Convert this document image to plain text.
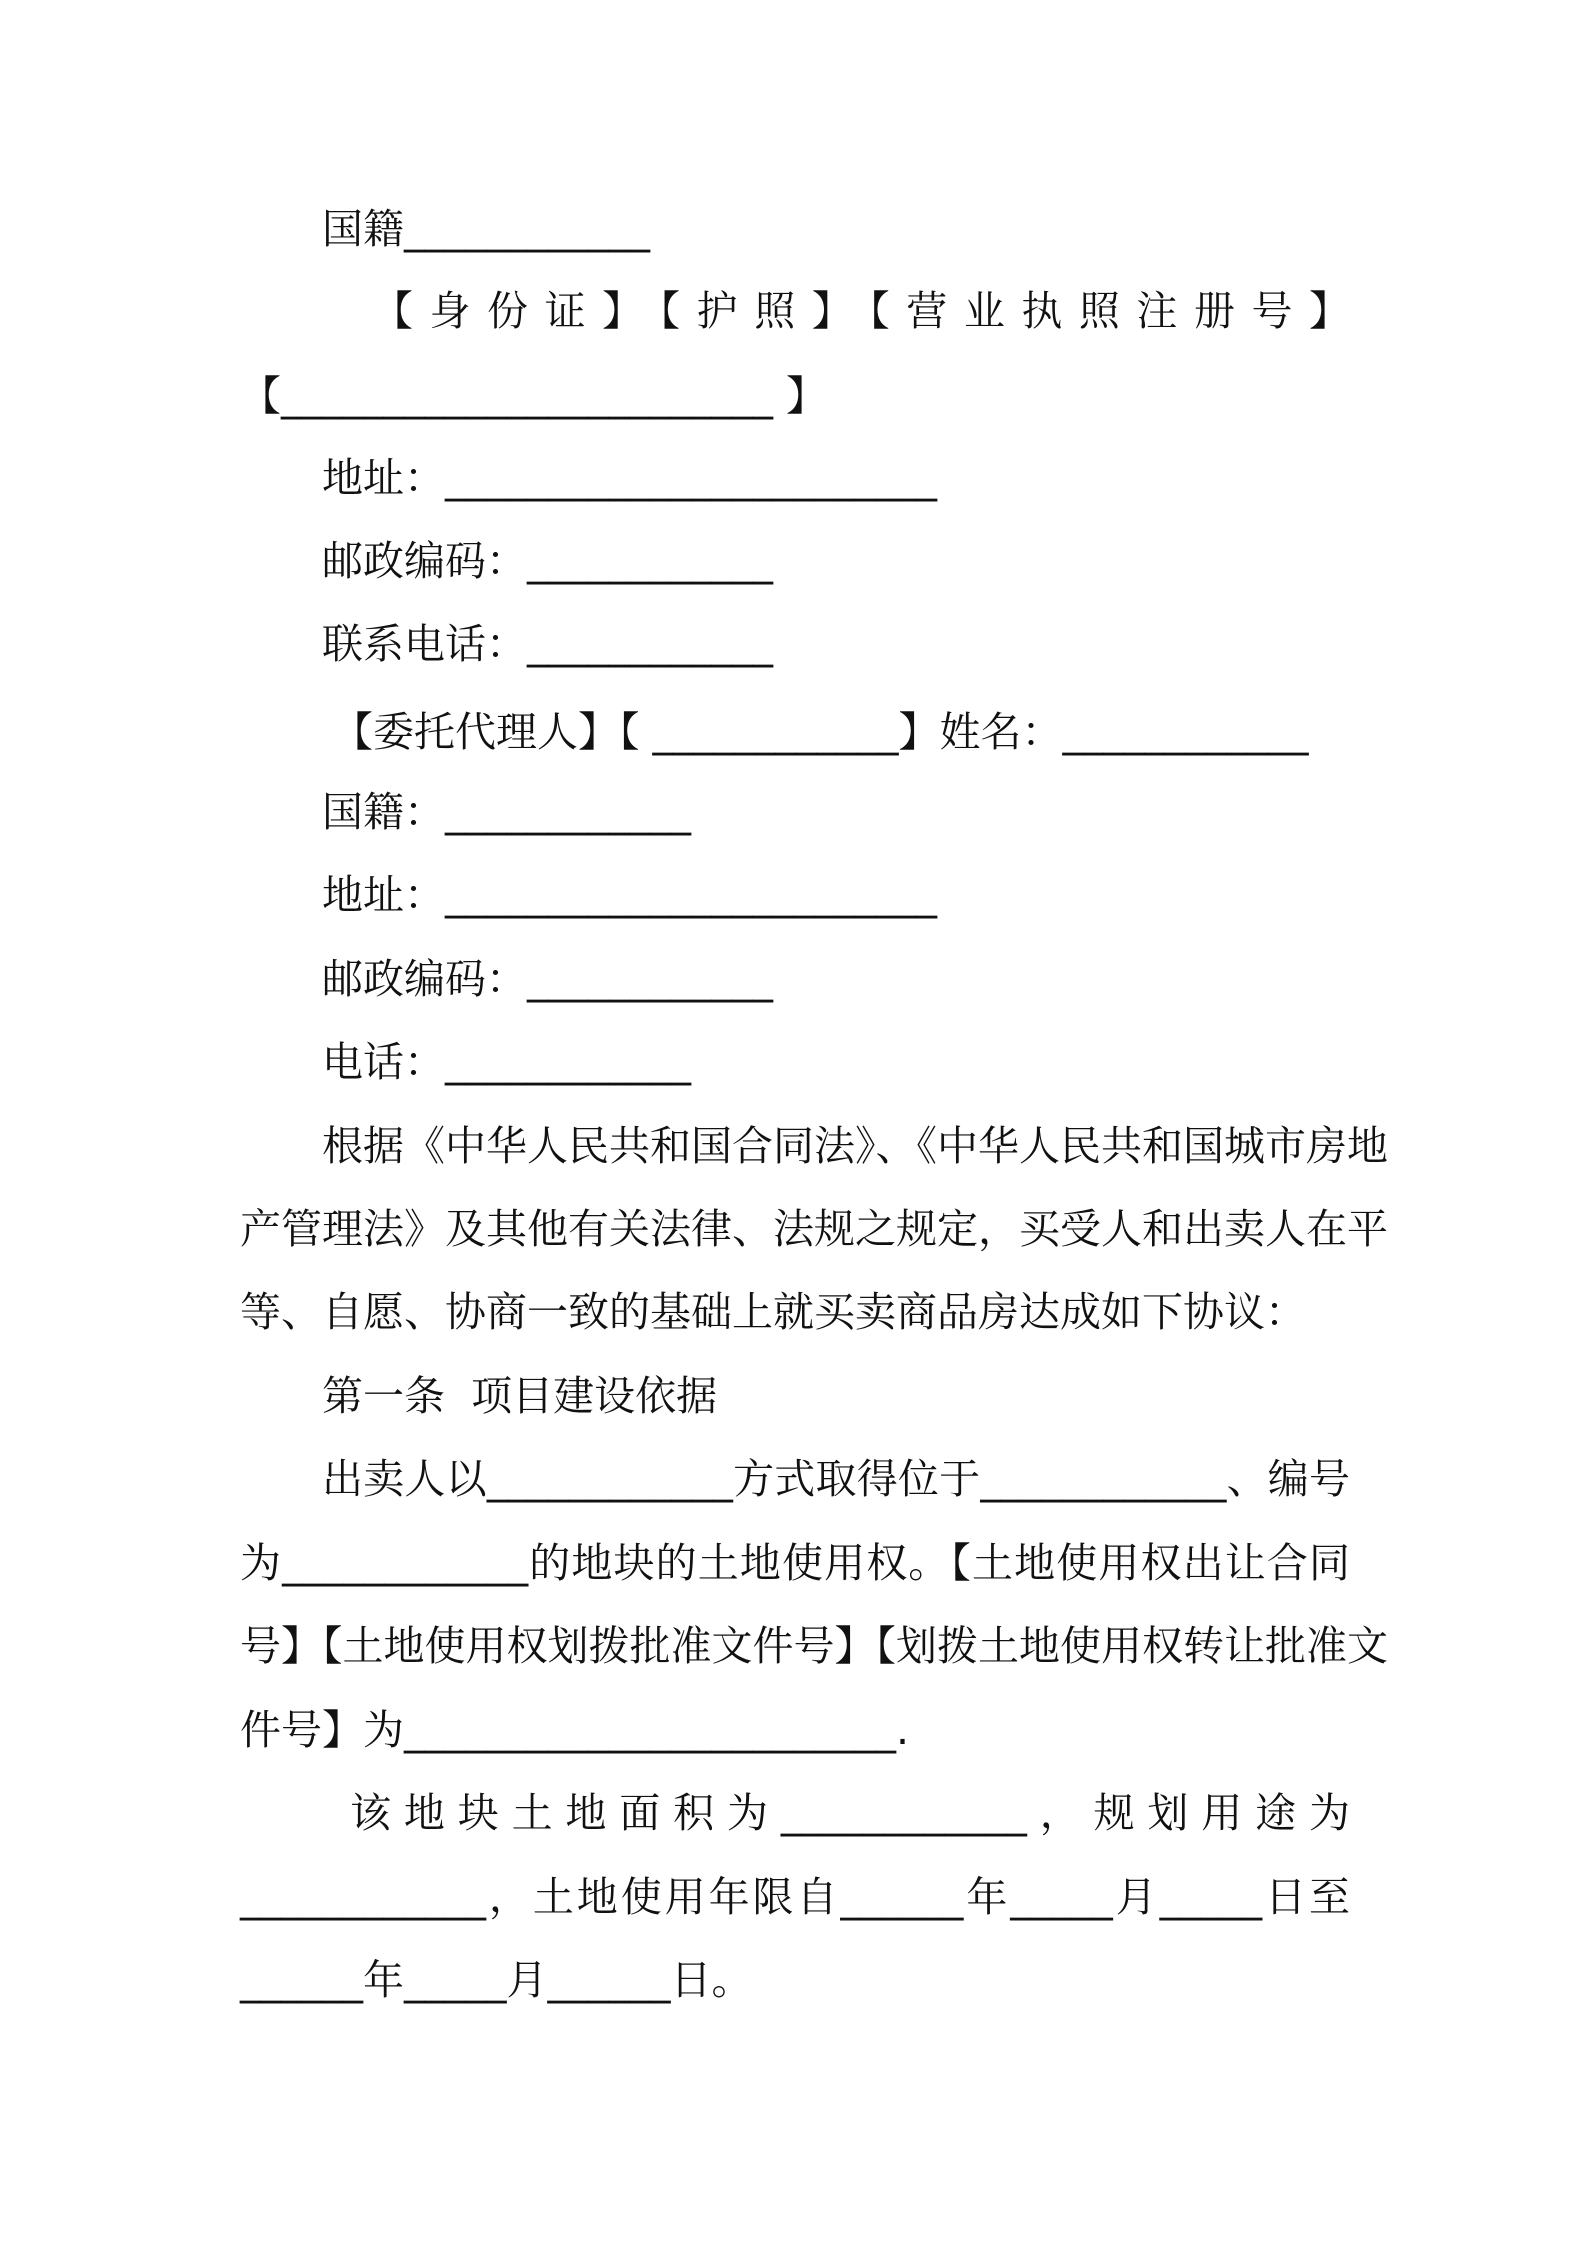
国籍____________
【身份证】【护照】【营业执照注册号】
【________________________ 】
地址：________________________
邮政编码：____________
联系电话：____________
【委托代理人】【 ____________】姓名：____________
国籍：____________
地址：________________________
邮政编码：____________
电话：____________
根据《中华人民共和国合同法》、《中华人民共和国城市房地
产管理法》及其他有关法律、法规之规定，买受人和出卖人在平
等、自愿、协商一致的基础上就买卖商品房达成如下协议：
第一条  项目建设依据
出卖人以____________方式取得位于____________、编号
为____________的地块的土地使用权。【土地使用权出让合同
号】【土地使用权划拨批准文件号】【划拨土地使用权转让批准文
件号】为________________________.
该地块土地面积为____________，规划用途为
____________，土地使用年限自______年_____月_____日至
______年_____月______日。
